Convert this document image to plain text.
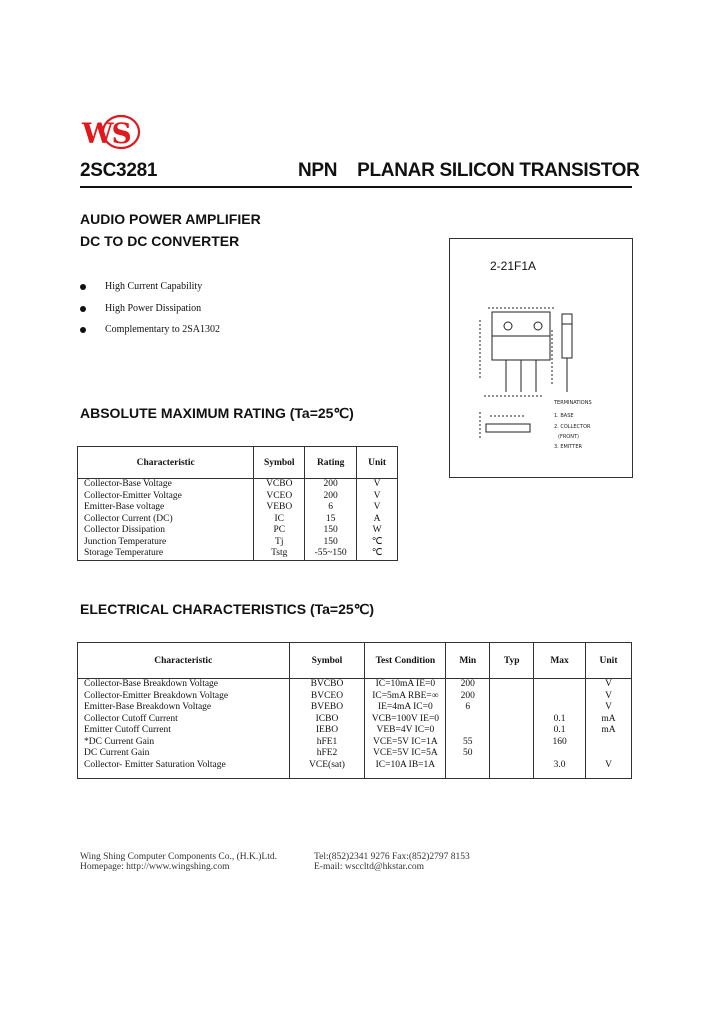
WS
2SC3281	NPN    PLANAR SILICON TRANSISTOR
AUDIO POWER AMPLIFIER
DC TO DC CONVERTER
High Current Capability
High Power Dissipation
Complementary to 2SA1302
2-21F1A
TERMINATIONS
1. BASE
2. COLLECTOR
(FRONT)
3. EMITTER
ABSOLUTE MAXIMUM RATING (Ta=25℃)
Characteristic	Symbol	Rating	Unit
Collector-Base Voltage	VCBO	200	V
Collector-Emitter Voltage	VCEO	200	V
Emitter-Base voltage	VEBO	6	V
Collector Current (DC)	IC	15	A
Collector Dissipation	PC	150	W
Junction Temperature	Tj	150	℃
Storage Temperature	Tstg	-55~150	℃
ELECTRICAL CHARACTERISTICS (Ta=25℃)
Characteristic	Symbol	Test Condition	Min	Typ	Max	Unit
Collector-Base Breakdown Voltage	BVCBO	IC=10mA IE=0	200			V
Collector-Emitter Breakdown Voltage	BVCEO	IC=5mA RBE=∞	200			V
Emitter-Base Breakdown Voltage	BVEBO	IE=4mA IC=0	6			V
Collector Cutoff Current	ICBO	VCB=100V IE=0			0.1	mA
Emitter Cutoff Current	IEBO	VEB=4V IC=0			0.1	mA
*DC Current Gain	hFE1	VCE=5V IC=1A	55		160	
DC Current Gain	hFE2	VCE=5V IC=5A	50			
Collector- Emitter Saturation Voltage	VCE(sat)	IC=10A IB=1A			3.0	V
Wing Shing Computer Components Co., (H.K.)Ltd.
Homepage: http://www.wingshing.com
Tel:(852)2341 9276 Fax:(852)2797 8153
E-mail: wsccltd@hkstar.com
